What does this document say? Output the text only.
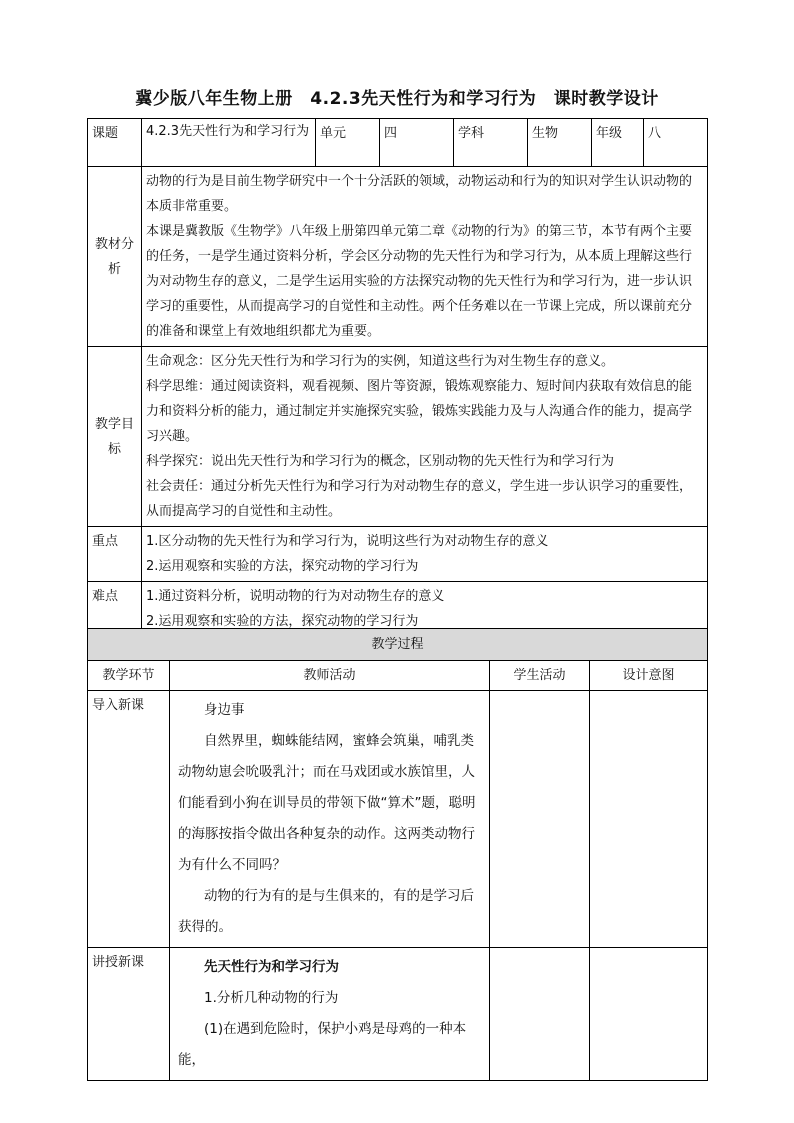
冀少版八年生物上册　4.2.3先天性行为和学习行为　课时教学设计
课题	4.2.3先天性行为和学习行为	单元	四	学科	生物	年级	八
教材分析	动物的行为是目前生物学研究中一个十分活跃的领域，动物运动和行为的知识对学生认识动物的本质非常重要。

本课是冀教版《生物学》八年级上册第四单元第二章《动物的行为》的第三节，本节有两个主要的任务，一是学生通过资料分析，学会区分动物的先天性行为和学习行为，从本质上理解这些行为对动物生存的意义，二是学生运用实验的方法探究动物的先天性行为和学习行为，进一步认识学习的重要性，从而提高学习的自觉性和主动性。两个任务难以在一节课上完成，所以课前充分的准备和课堂上有效地组织都尤为重要。						

教学目标	生命观念：区分先天性行为和学习行为的实例，知道这些行为对生物生存的意义。

科学思维：通过阅读资料，观看视频、图片等资源，锻炼观察能力、短时间内获取有效信息的能力和资料分析的能力，通过制定并实施探究实验，锻炼实践能力及与人沟通合作的能力，提高学习兴趣。

科学探究：说出先天性行为和学习行为的概念，区别动物的先天性行为和学习行为

社会责任：通过分析先天性行为和学习行为对动物生存的意义，学生进一步认识学习的重要性，从而提高学习的自觉性和主动性。						

重点	1.区分动物的先天性行为和学习行为，说明这些行为对动物生存的意义

2.运用观察和实验的方法，探究动物的学习行为						

难点	1.通过资料分析，说明动物的行为对动物生存的意义

2.运用观察和实验的方法，探究动物的学习行为						

教学过程			
教学环节	教师活动	学生活动	设计意图
导入新课	身边事

自然界里，蜘蛛能结网，蜜蜂会筑巢，哺乳类动物幼崽会吮吸乳汁；而在马戏团或水族馆里，人们能看到小狗在训导员的带领下做“算术”题，聪明的海豚按指令做出各种复杂的动作。这两类动物行为有什么不同吗？

动物的行为有的是与生俱来的，有的是学习后获得的。		

讲授新课	先天性行为和学习行为

1.分析几种动物的行为

(1)在遇到危险时，保护小鸡是母鸡的一种本能，		
